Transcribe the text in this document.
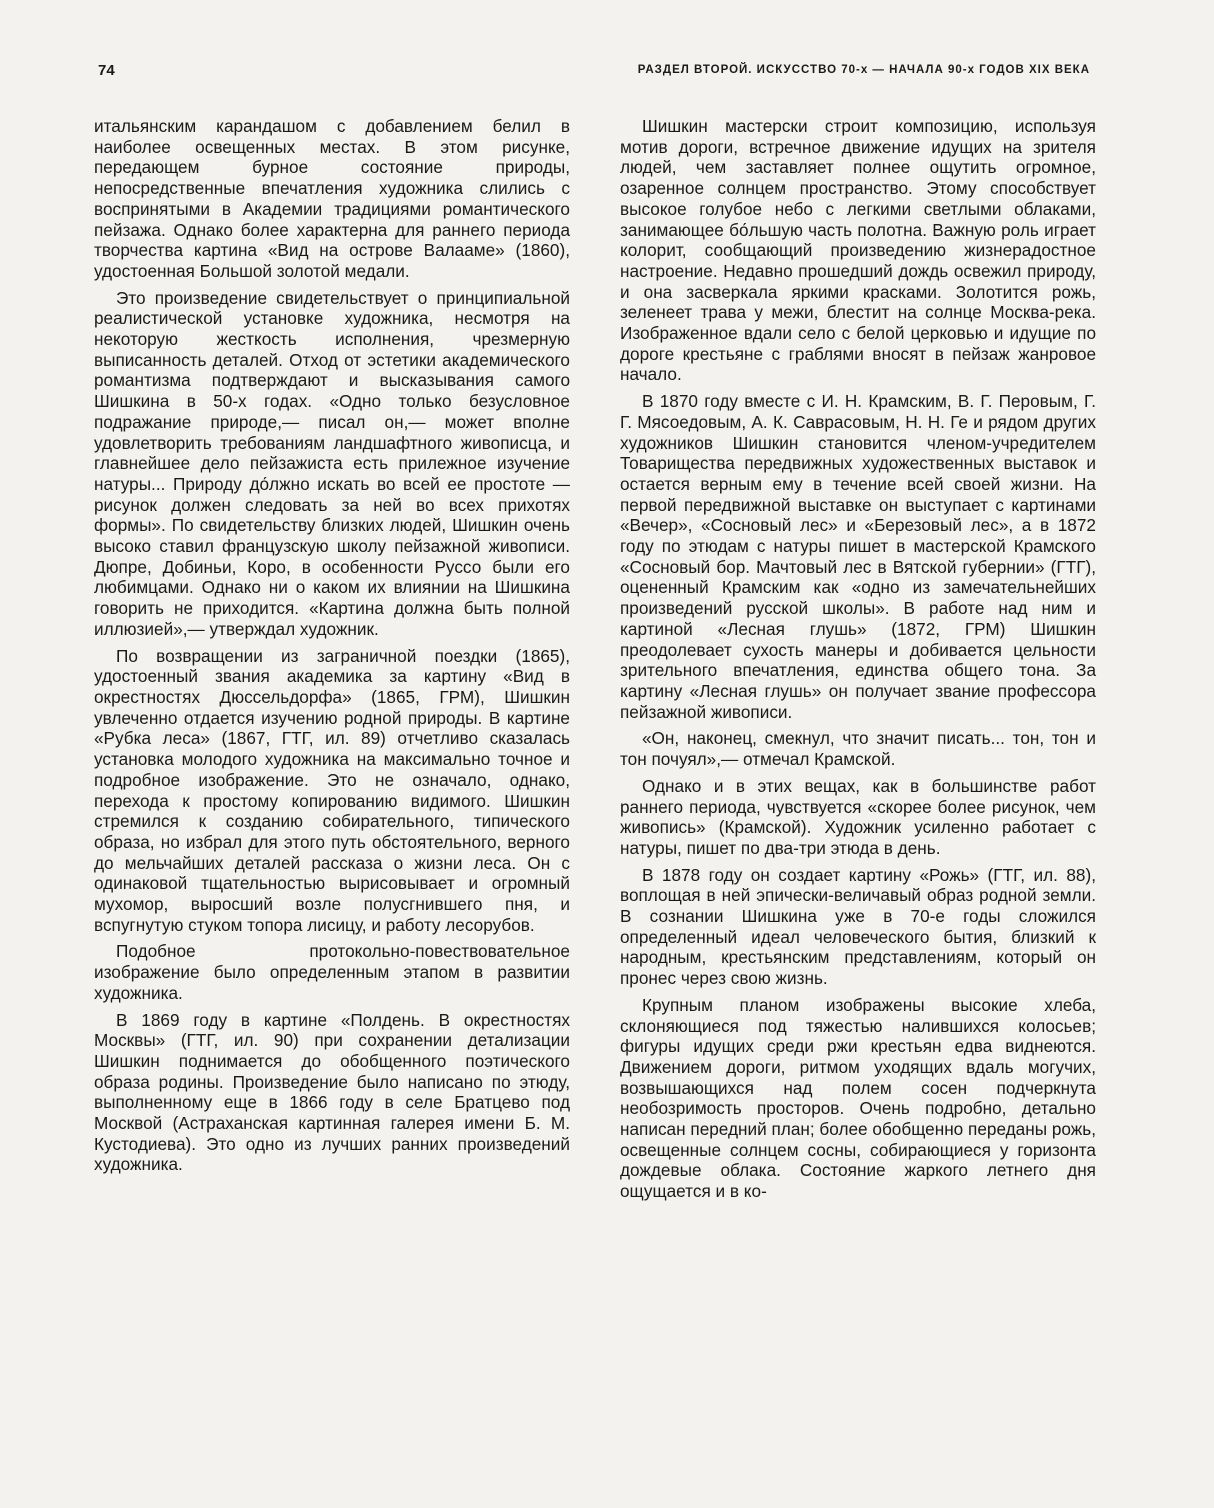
74	РАЗДЕЛ ВТОРОЙ. ИСКУССТВО 70-х — НАЧАЛА 90-х ГОДОВ XIX ВЕКА

итальянским карандашом с добавлением белил в наиболее освещенных местах. В этом рисунке, передающем бурное состояние природы, непосредственные впечатления художника слились с воспринятыми в Академии традициями романтического пейзажа. Однако более характерна для раннего периода творчества картина «Вид на острове Валааме» (1860), удостоенная Большой золотой медали.

Это произведение свидетельствует о принципиальной реалистической установке художника, несмотря на некоторую жесткость исполнения, чрезмерную выписанность деталей. Отход от эстетики академического романтизма подтверждают и высказывания самого Шишкина в 50-х годах. «Одно только безусловное подражание природе,— писал он,— может вполне удовлетворить требованиям ландшафтного живописца, и главнейшее дело пейзажиста есть прилежное изучение натуры... Природу до́лжно искать во всей ее простоте — рисунок должен следовать за ней во всех прихотях формы». По свидетельству близких людей, Шишкин очень высоко ставил французскую школу пейзажной живописи. Дюпре, Добиньи, Коро, в особенности Руссо были его любимцами. Однако ни о каком их влиянии на Шишкина говорить не приходится. «Картина должна быть полной иллюзией»,— утверждал художник.

По возвращении из заграничной поездки (1865), удостоенный звания академика за картину «Вид в окрестностях Дюссельдорфа» (1865, ГРМ), Шишкин увлеченно отдается изучению родной природы. В картине «Рубка леса» (1867, ГТГ, ил. 89) отчетливо сказалась установка молодого художника на максимально точное и подробное изображение. Это не означало, однако, перехода к простому копированию видимого. Шишкин стремился к созданию собирательного, типического образа, но избрал для этого путь обстоятельного, верного до мельчайших деталей рассказа о жизни леса. Он с одинаковой тщательностью вырисовывает и огромный мухомор, выросший возле полусгнившего пня, и вспугнутую стуком топора лисицу, и работу лесорубов.

Подобное протокольно-повествовательное изображение было определенным этапом в развитии художника.

В 1869 году в картине «Полдень. В окрестностях Москвы» (ГТГ, ил. 90) при сохранении детализации Шишкин поднимается до обобщенного поэтического образа родины. Произведение было написано по этюду, выполненному еще в 1866 году в селе Братцево под Москвой (Астраханская картинная галерея имени Б. М. Кустодиева). Это одно из лучших ранних произведений художника.

Шишкин мастерски строит композицию, используя мотив дороги, встречное движение идущих на зрителя людей, чем заставляет полнее ощутить огромное, озаренное солнцем пространство. Этому способствует высокое голубое небо с легкими светлыми облаками, занимающее бо́льшую часть полотна. Важную роль играет колорит, сообщающий произведению жизнерадостное настроение. Недавно прошедший дождь освежил природу, и она засверкала яркими красками. Золотится рожь, зеленеет трава у межи, блестит на солнце Москва-река. Изображенное вдали село с белой церковью и идущие по дороге крестьяне с граблями вносят в пейзаж жанровое начало.

В 1870 году вместе с И. Н. Крамским, В. Г. Перовым, Г. Г. Мясоедовым, А. К. Саврасовым, Н. Н. Ге и рядом других художников Шишкин становится членом-учредителем Товарищества передвижных художественных выставок и остается верным ему в течение всей своей жизни. На первой передвижной выставке он выступает с картинами «Вечер», «Сосновый лес» и «Березовый лес», а в 1872 году по этюдам с натуры пишет в мастерской Крамского «Сосновый бор. Мачтовый лес в Вятской губернии» (ГТГ), оцененный Крамским как «одно из замечательнейших произведений русской школы». В работе над ним и картиной «Лесная глушь» (1872, ГРМ) Шишкин преодолевает сухость манеры и добивается цельности зрительного впечатления, единства общего тона. За картину «Лесная глушь» он получает звание профессора пейзажной живописи.

«Он, наконец, смекнул, что значит писать... тон, тон и тон почуял»,— отмечал Крамской.

Однако и в этих вещах, как в большинстве работ раннего периода, чувствуется «скорее более рисунок, чем живопись» (Крамской). Художник усиленно работает с натуры, пишет по два-три этюда в день.

В 1878 году он создает картину «Рожь» (ГТГ, ил. 88), воплощая в ней эпически-величавый образ родной земли. В сознании Шишкина уже в 70-е годы сложился определенный идеал человеческого бытия, близкий к народным, крестьянским представлениям, который он пронес через свою жизнь.

Крупным планом изображены высокие хлеба, склоняющиеся под тяжестью налившихся колосьев; фигуры идущих среди ржи крестьян едва виднеются. Движением дороги, ритмом уходящих вдаль могучих, возвышающихся над полем сосен подчеркнута необозримость просторов. Очень подробно, детально написан передний план; более обобщенно переданы рожь, освещенные солнцем сосны, собирающиеся у горизонта дождевые облака. Состояние жаркого летнего дня ощущается и в ко-
